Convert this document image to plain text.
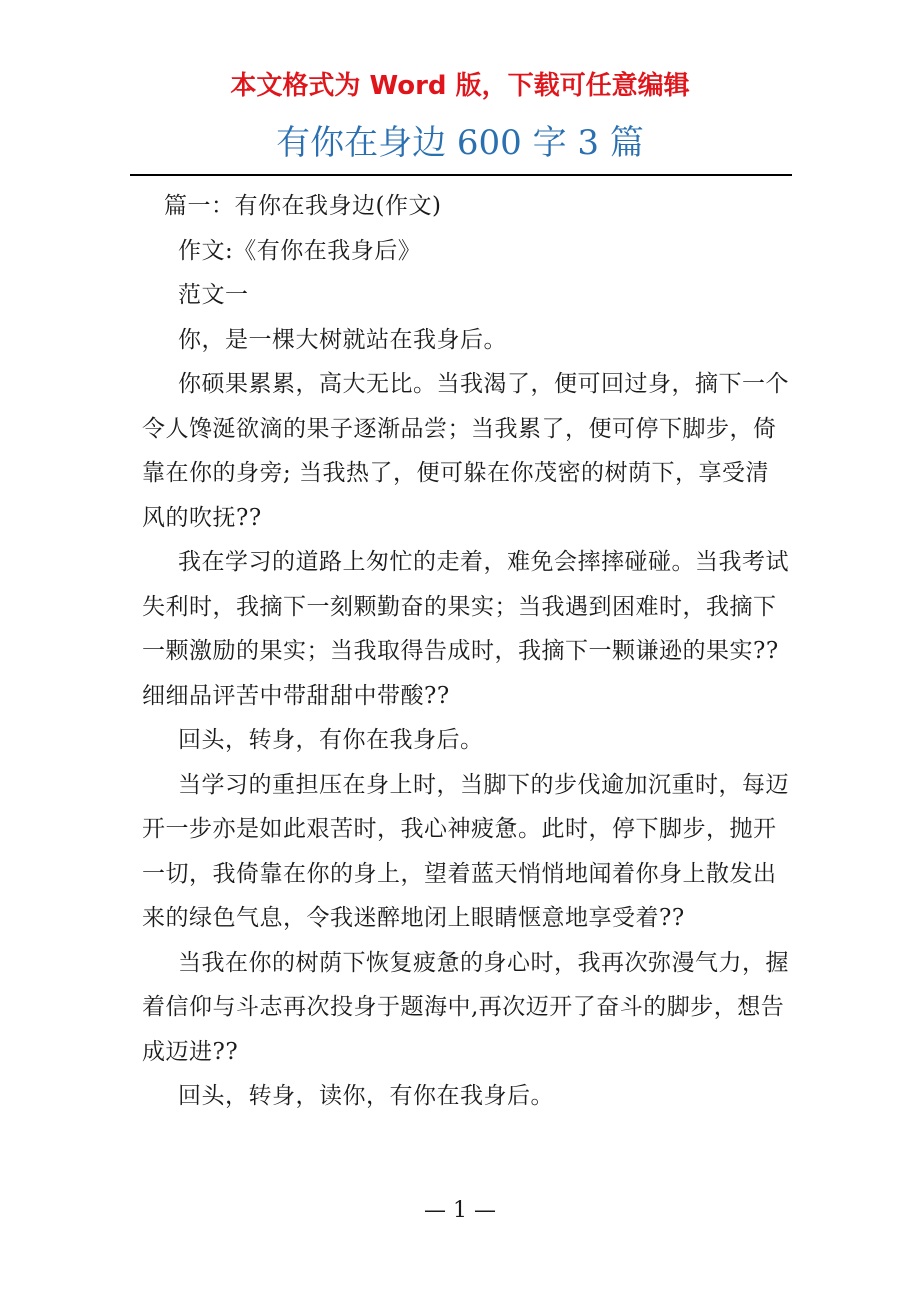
本文格式为 Word 版，下载可任意编辑
有你在身边 600 字 3 篇

篇一：有你在我身边(作文)

作文:《有你在我身后》

范文一

你，是一棵大树就站在我身后。

你硕果累累，高大无比。当我渴了，便可回过身，摘下一个令人馋涎欲滴的果子逐渐品尝；当我累了，便可停下脚步，倚靠在你的身旁; 当我热了，便可躲在你茂密的树荫下，享受清风的吹抚??

我在学习的道路上匆忙的走着，难免会摔摔碰碰。当我考试失利时，我摘下一刻颗勤奋的果实；当我遇到困难时，我摘下一颗激励的果实；当我取得告成时，我摘下一颗谦逊的果实??细细品评苦中带甜甜中带酸??

回头，转身，有你在我身后。

当学习的重担压在身上时，当脚下的步伐逾加沉重时，每迈开一步亦是如此艰苦时，我心神疲惫。此时，停下脚步，抛开一切，我倚靠在你的身上，望着蓝天悄悄地闻着你身上散发出来的绿色气息，令我迷醉地闭上眼睛惬意地享受着??

当我在你的树荫下恢复疲惫的身心时，我再次弥漫气力，握着信仰与斗志再次投身于题海中,再次迈开了奋斗的脚步，想告成迈进??

回头，转身，读你，有你在我身后。

— 1 —
